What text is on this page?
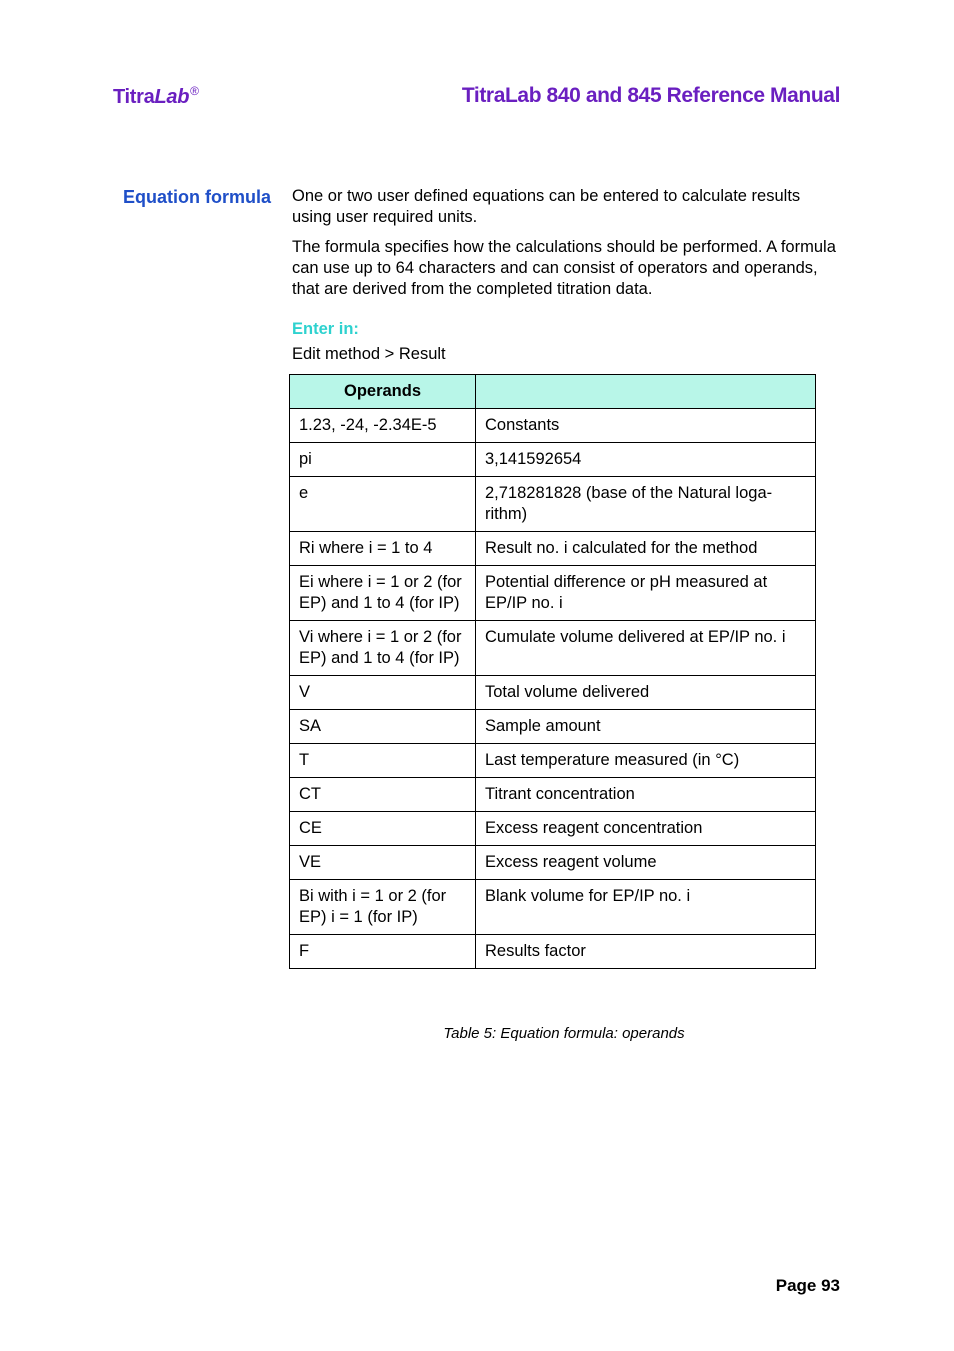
TitraLab®	TitraLab 840 and 845 Reference Manual
Equation formula One or two user defined equations can be entered to calculate results using user required units.

The formula specifies how the calculations should be performed. A formula can use up to 64 characters and can consist of operators and operands, that are derived from the completed titration data.

Enter in:
Edit method > Result
Operands	
1.23, -24, -2.34E-5	Constants
pi	3,141592654
e	2,718281828 (base of the Natural loga-rithm)
Ri where i = 1 to 4	Result no. i calculated for the method
Ei where i = 1 or 2 (for EP) and 1 to 4 (for IP)	Potential difference or pH measured at EP/IP no. i
Vi where i = 1 or 2 (for EP) and 1 to 4 (for IP)	Cumulate volume delivered at EP/IP no. i
V	Total volume delivered
SA	Sample amount
T	Last temperature measured (in °C)
CT	Titrant concentration
CE	Excess reagent concentration
VE	Excess reagent volume
Bi with i = 1 or 2 (for EP) i = 1 (for IP)	Blank volume for EP/IP no. i
F	Results factor
Table 5: Equation formula: operands
Page 93
